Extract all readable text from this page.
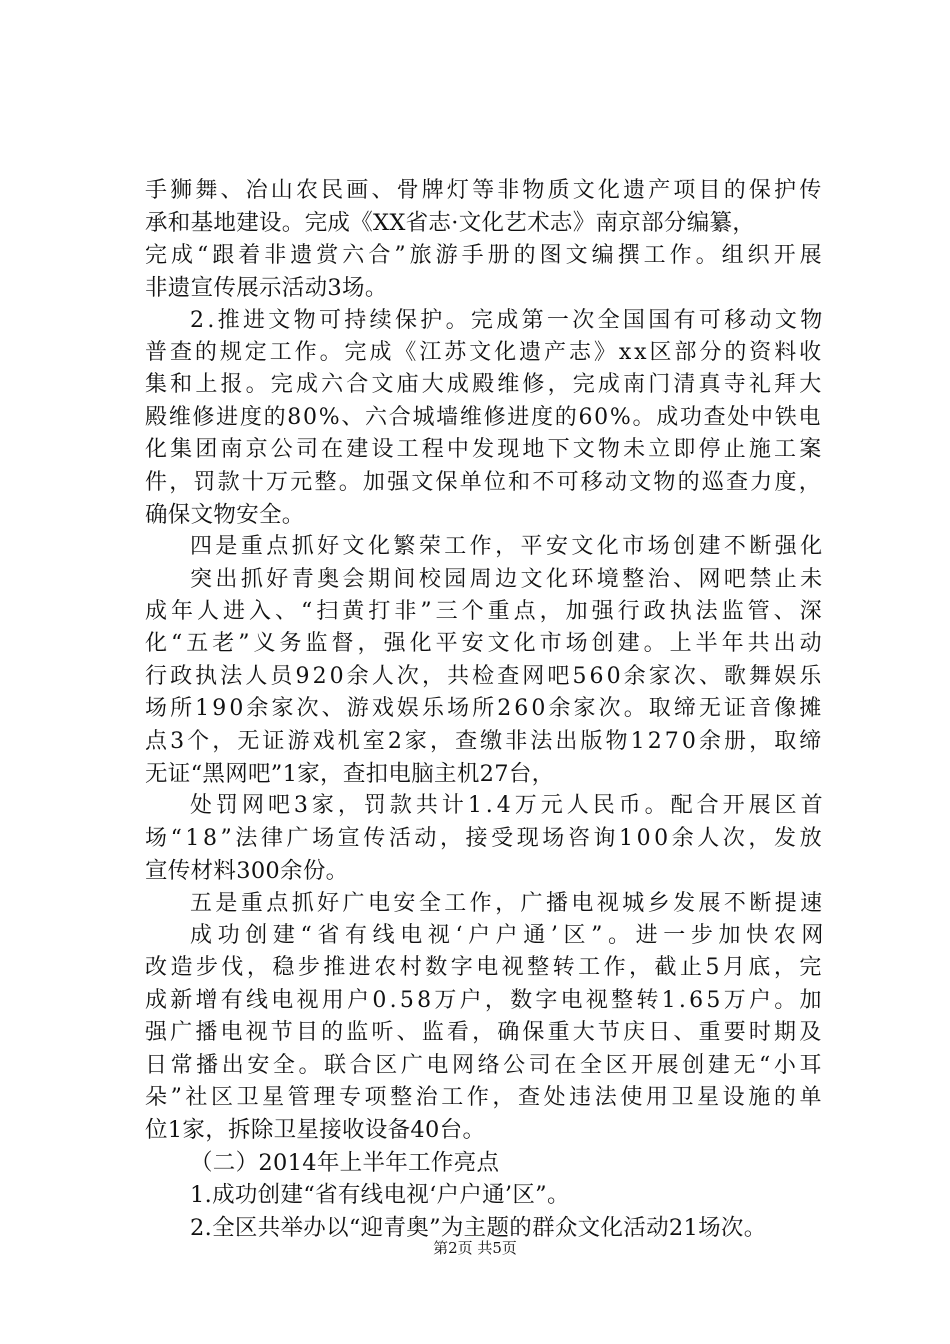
手狮舞、冶山农民画、骨牌灯等非物质文化遗产项目的保护传
承和基地建设。完成《XX省志·文化艺术志》南京部分编纂，
完成“跟着非遗赏六合”旅游手册的图文编撰工作。组织开展
非遗宣传展示活动3场。
2.推进文物可持续保护。完成第一次全国国有可移动文物
普查的规定工作。完成《江苏文化遗产志》xx区部分的资料收
集和上报。完成六合文庙大成殿维修，完成南门清真寺礼拜大
殿维修进度的80%、六合城墙维修进度的60%。成功查处中铁电
化集团南京公司在建设工程中发现地下文物未立即停止施工案
件，罚款十万元整。加强文保单位和不可移动文物的巡查力度，
确保文物安全。
四是重点抓好文化繁荣工作，平安文化市场创建不断强化
突出抓好青奥会期间校园周边文化环境整治、网吧禁止未
成年人进入、“扫黄打非”三个重点，加强行政执法监管、深
化“五老”义务监督，强化平安文化市场创建。上半年共出动
行政执法人员920余人次，共检查网吧560余家次、歌舞娱乐
场所190余家次、游戏娱乐场所260余家次。取缔无证音像摊
点3个，无证游戏机室2家，查缴非法出版物1270余册，取缔
无证“黑网吧”1家，查扣电脑主机27台，
处罚网吧3家，罚款共计1.4万元人民币。配合开展区首
场“18”法律广场宣传活动，接受现场咨询100余人次，发放
宣传材料300余份。
五是重点抓好广电安全工作，广播电视城乡发展不断提速
成功创建“省有线电视‘户户通’区”。进一步加快农网
改造步伐，稳步推进农村数字电视整转工作，截止5月底，完
成新增有线电视用户0.58万户，数字电视整转1.65万户。加
强广播电视节目的监听、监看，确保重大节庆日、重要时期及
日常播出安全。联合区广电网络公司在全区开展创建无“小耳
朵”社区卫星管理专项整治工作，查处违法使用卫星设施的单
位1家，拆除卫星接收设备40台。
（二）2014年上半年工作亮点
1.成功创建“省有线电视‘户户通’区”。
2.全区共举办以“迎青奥”为主题的群众文化活动21场次。
第2页 共5页
